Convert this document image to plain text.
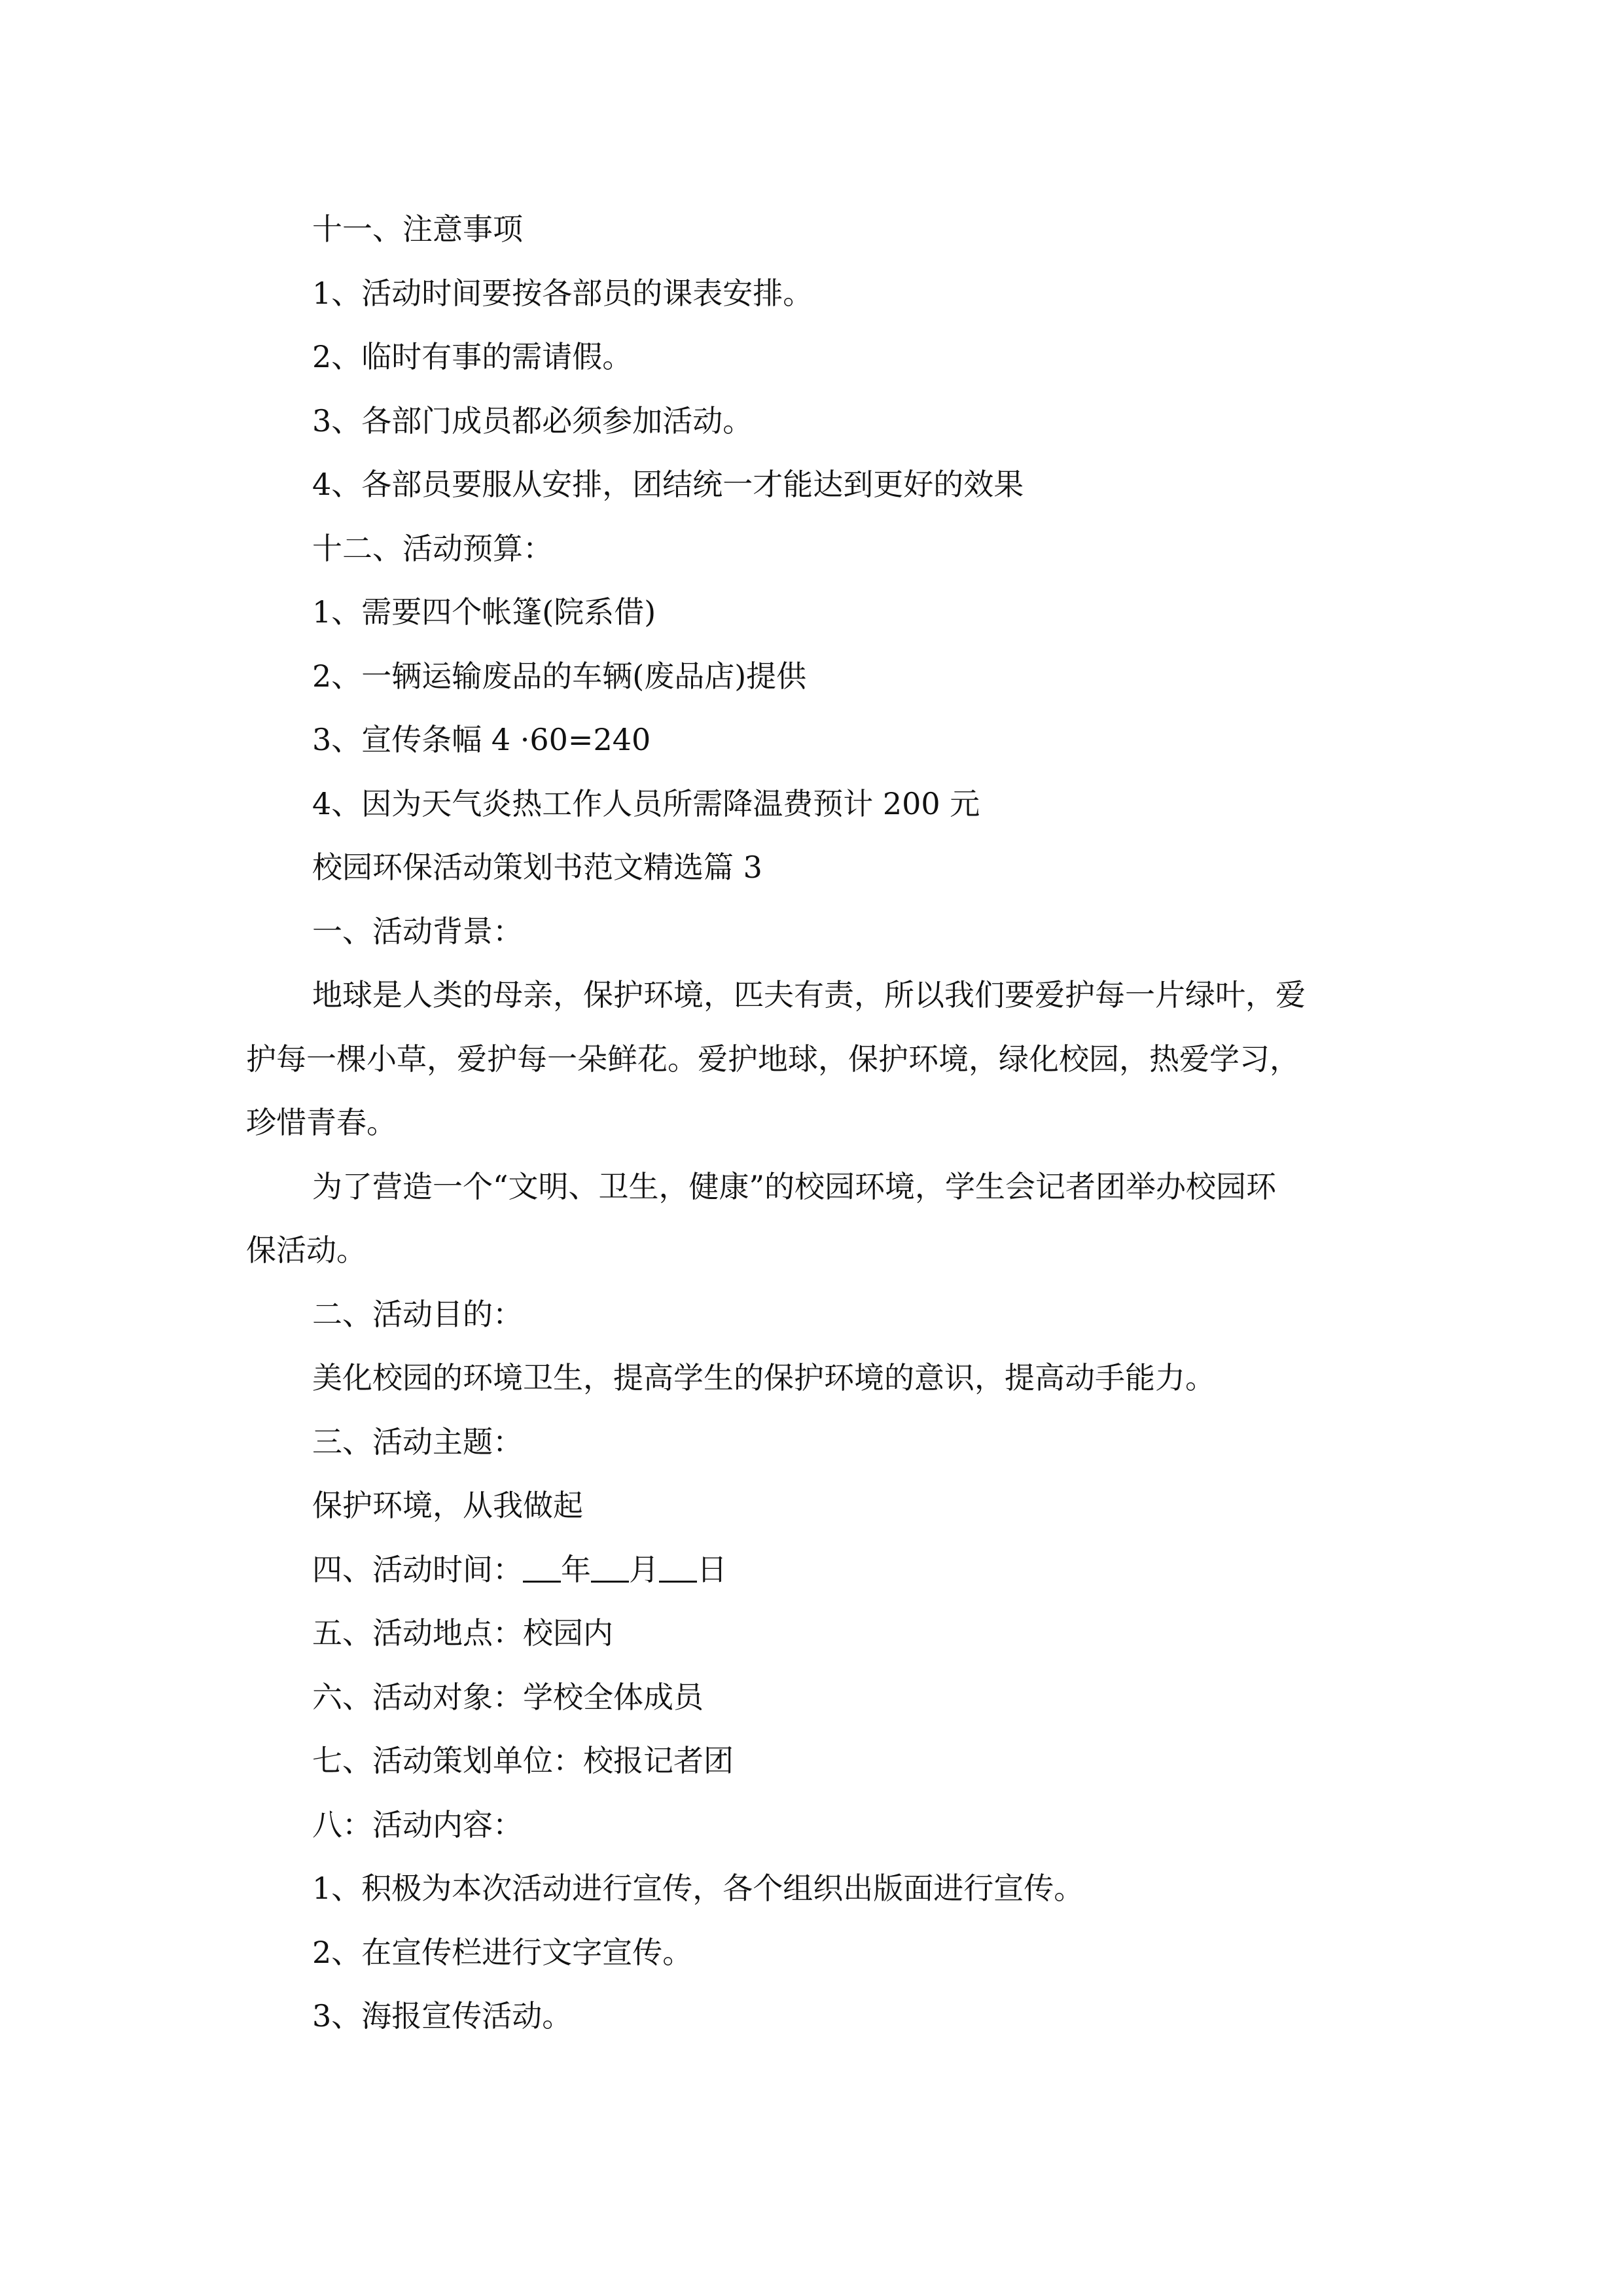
十一、注意事项
1、活动时间要按各部员的课表安排。
2、临时有事的需请假。
3、各部门成员都必须参加活动。
4、各部员要服从安排，团结统一才能达到更好的效果
十二、活动预算：
1、需要四个帐篷(院系借)
2、一辆运输废品的车辆(废品店)提供
3、宣传条幅 4 ·60=240
4、因为天气炎热工作人员所需降温费预计 200 元
校园环保活动策划书范文精选篇 3
一、活动背景：
地球是人类的母亲，保护环境，匹夫有责，所以我们要爱护每一片绿叶，爱
护每一棵小草，爱护每一朵鲜花。爱护地球，保护环境，绿化校园，热爱学习，
珍惜青春。
为了营造一个“文明、卫生，健康”的校园环境，学生会记者团举办校园环
保活动。
二、活动目的：
美化校园的环境卫生，提高学生的保护环境的意识，提高动手能力。
三、活动主题：
保护环境，从我做起
四、活动时间： 年 月 日
五、活动地点：校园内
六、活动对象：学校全体成员
七、活动策划单位：校报记者团
八：活动内容：
1、积极为本次活动进行宣传，各个组织出版面进行宣传。
2、在宣传栏进行文字宣传。
3、海报宣传活动。
